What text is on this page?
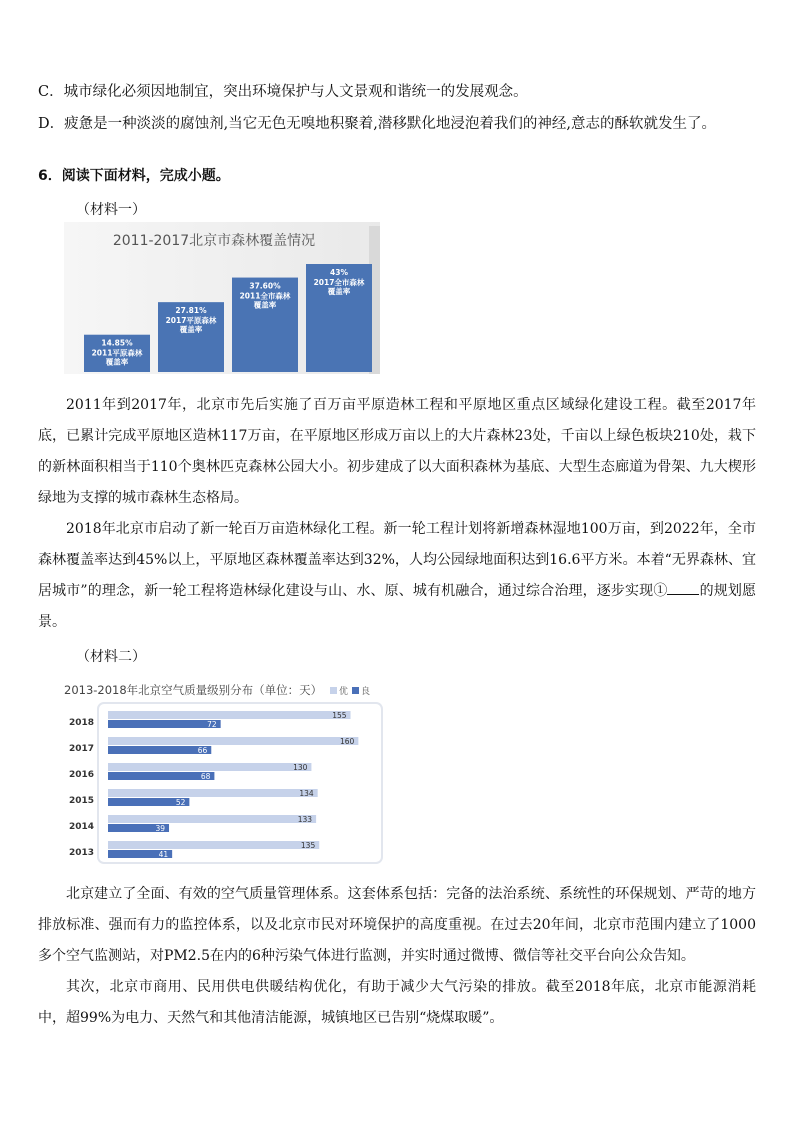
C．城市绿化必须因地制宜，突出环境保护与人文景观和谐统一的发展观念。
D．疲惫是一种淡淡的腐蚀剂,当它无色无嗅地积聚着,潜移默化地浸泡着我们的神经,意志的酥软就发生了。
6．阅读下面材料，完成小题。
（材料一）
2011-2017北京市森林覆盖情况
14.85%
2011平原森林
覆盖率
27.81%
2017平原森林
覆盖率
37.60%
2011全市森林
覆盖率
43%
2017全市森林
覆盖率

2011年到2017年，北京市先后实施了百万亩平原造林工程和平原地区重点区域绿化建设工程。截至2017年底，已累计完成平原地区造林117万亩，在平原地区形成万亩以上的大片森林23处，千亩以上绿色板块210处，栽下的新林面积相当于110个奥林匹克森林公园大小。初步建成了以大面积森林为基底、大型生态廊道为骨架、九大楔形绿地为支撑的城市森林生态格局。

2018年北京市启动了新一轮百万亩造林绿化工程。新一轮工程计划将新增森林湿地100万亩，到2022年，全市森林覆盖率达到45%以上，平原地区森林覆盖率达到32%，人均公园绿地面积达到16.6平方米。本着“无界森林、宜居城市”的理念，新一轮工程将造林绿化建设与山、水、原、城有机融合，通过综合治理，逐步实现① 的规划愿景。

（材料二）
2013-2018年北京空气质量级别分布（单位：天） 优 良
2018
155
72
2017
160
66
2016
130
68
2015
134
52
2014
133
39
2013
135
41

北京建立了全面、有效的空气质量管理体系。这套体系包括：完备的法治系统、系统性的环保规划、严苛的地方排放标准、强而有力的监控体系，以及北京市民对环境保护的高度重视。在过去20年间，北京市范围内建立了1000多个空气监测站，对PM2.5在内的6种污染气体进行监测，并实时通过微博、微信等社交平台向公众告知。

其次，北京市商用、民用供电供暖结构优化，有助于减少大气污染的排放。截至2018年底，北京市能源消耗中，超99%为电力、天然气和其他清洁能源，城镇地区已告别“烧煤取暖”。
